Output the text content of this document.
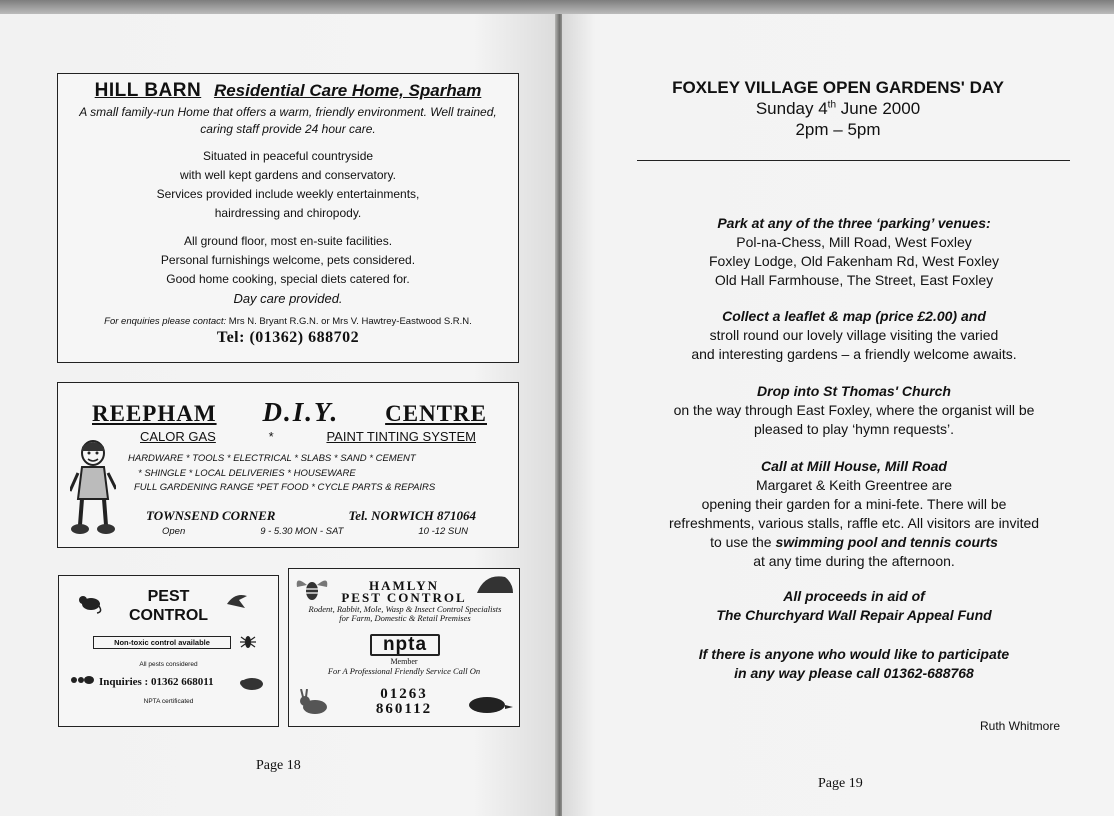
HILL BARN Residential Care Home, Sparham
A small family-run Home that offers a warm, friendly environment. Well trained, caring staff provide 24 hour care.
Situated in peaceful countryside
with well kept gardens and conservatory.
Services provided include weekly entertainments,
hairdressing and chiropody.
All ground floor, most en-suite facilities.
Personal furnishings welcome, pets considered.
Good home cooking, special diets catered for.
Day care provided.
For enquiries please contact: Mrs N. Bryant R.G.N. or Mrs V. Hawtrey-Eastwood S.R.N.
Tel: (01362) 688702
REEPHAM D.I.Y. CENTRE
CALOR GAS	*	PAINT TINTING SYSTEM
HARDWARE * TOOLS * ELECTRICAL * SLABS * SAND * CEMENT
* SHINGLE * LOCAL DELIVERIES * HOUSEWARE
FULL GARDENING RANGE *PET FOOD * CYCLE PARTS & REPAIRS
TOWNSEND CORNER	Tel. NORWICH 871064
Open	9 - 5.30 MON - SAT	10 -12 SUN
PEST
CONTROL
Non-toxic control available
All pests considered
Inquiries : 01362 668011
NPTA certificated
HAMLYN
PEST CONTROL
Rodent, Rabbit, Mole, Wasp & Insect Control Specialists for Farm, Domestic & Retail Premises
npta
Member
For A Professional Friendly Service Call On
01263
860112
Page 18
FOXLEY VILLAGE OPEN GARDENS' DAY
Sunday 4th June 2000
2pm – 5pm
Park at any of the three ‘parking’ venues:
Pol-na-Chess, Mill Road, West Foxley
Foxley Lodge, Old Fakenham Rd, West Foxley
Old Hall Farmhouse, The Street, East Foxley
Collect a leaflet & map (price £2.00) and
stroll round our lovely village visiting the varied
and interesting gardens – a friendly welcome awaits.
Drop into St Thomas' Church
on the way through East Foxley, where the organist will be
pleased to play ‘hymn requests’.
Call at Mill House, Mill Road
Margaret & Keith Greentree are
opening their garden for a mini-fete. There will be
refreshments, various stalls, raffle etc. All visitors are invited
to use the swimming pool and tennis courts
at any time during the afternoon.
All proceeds in aid of
The Churchyard Wall Repair Appeal Fund
If there is anyone who would like to participate
in any way please call 01362-688768
Ruth Whitmore
Page 19
